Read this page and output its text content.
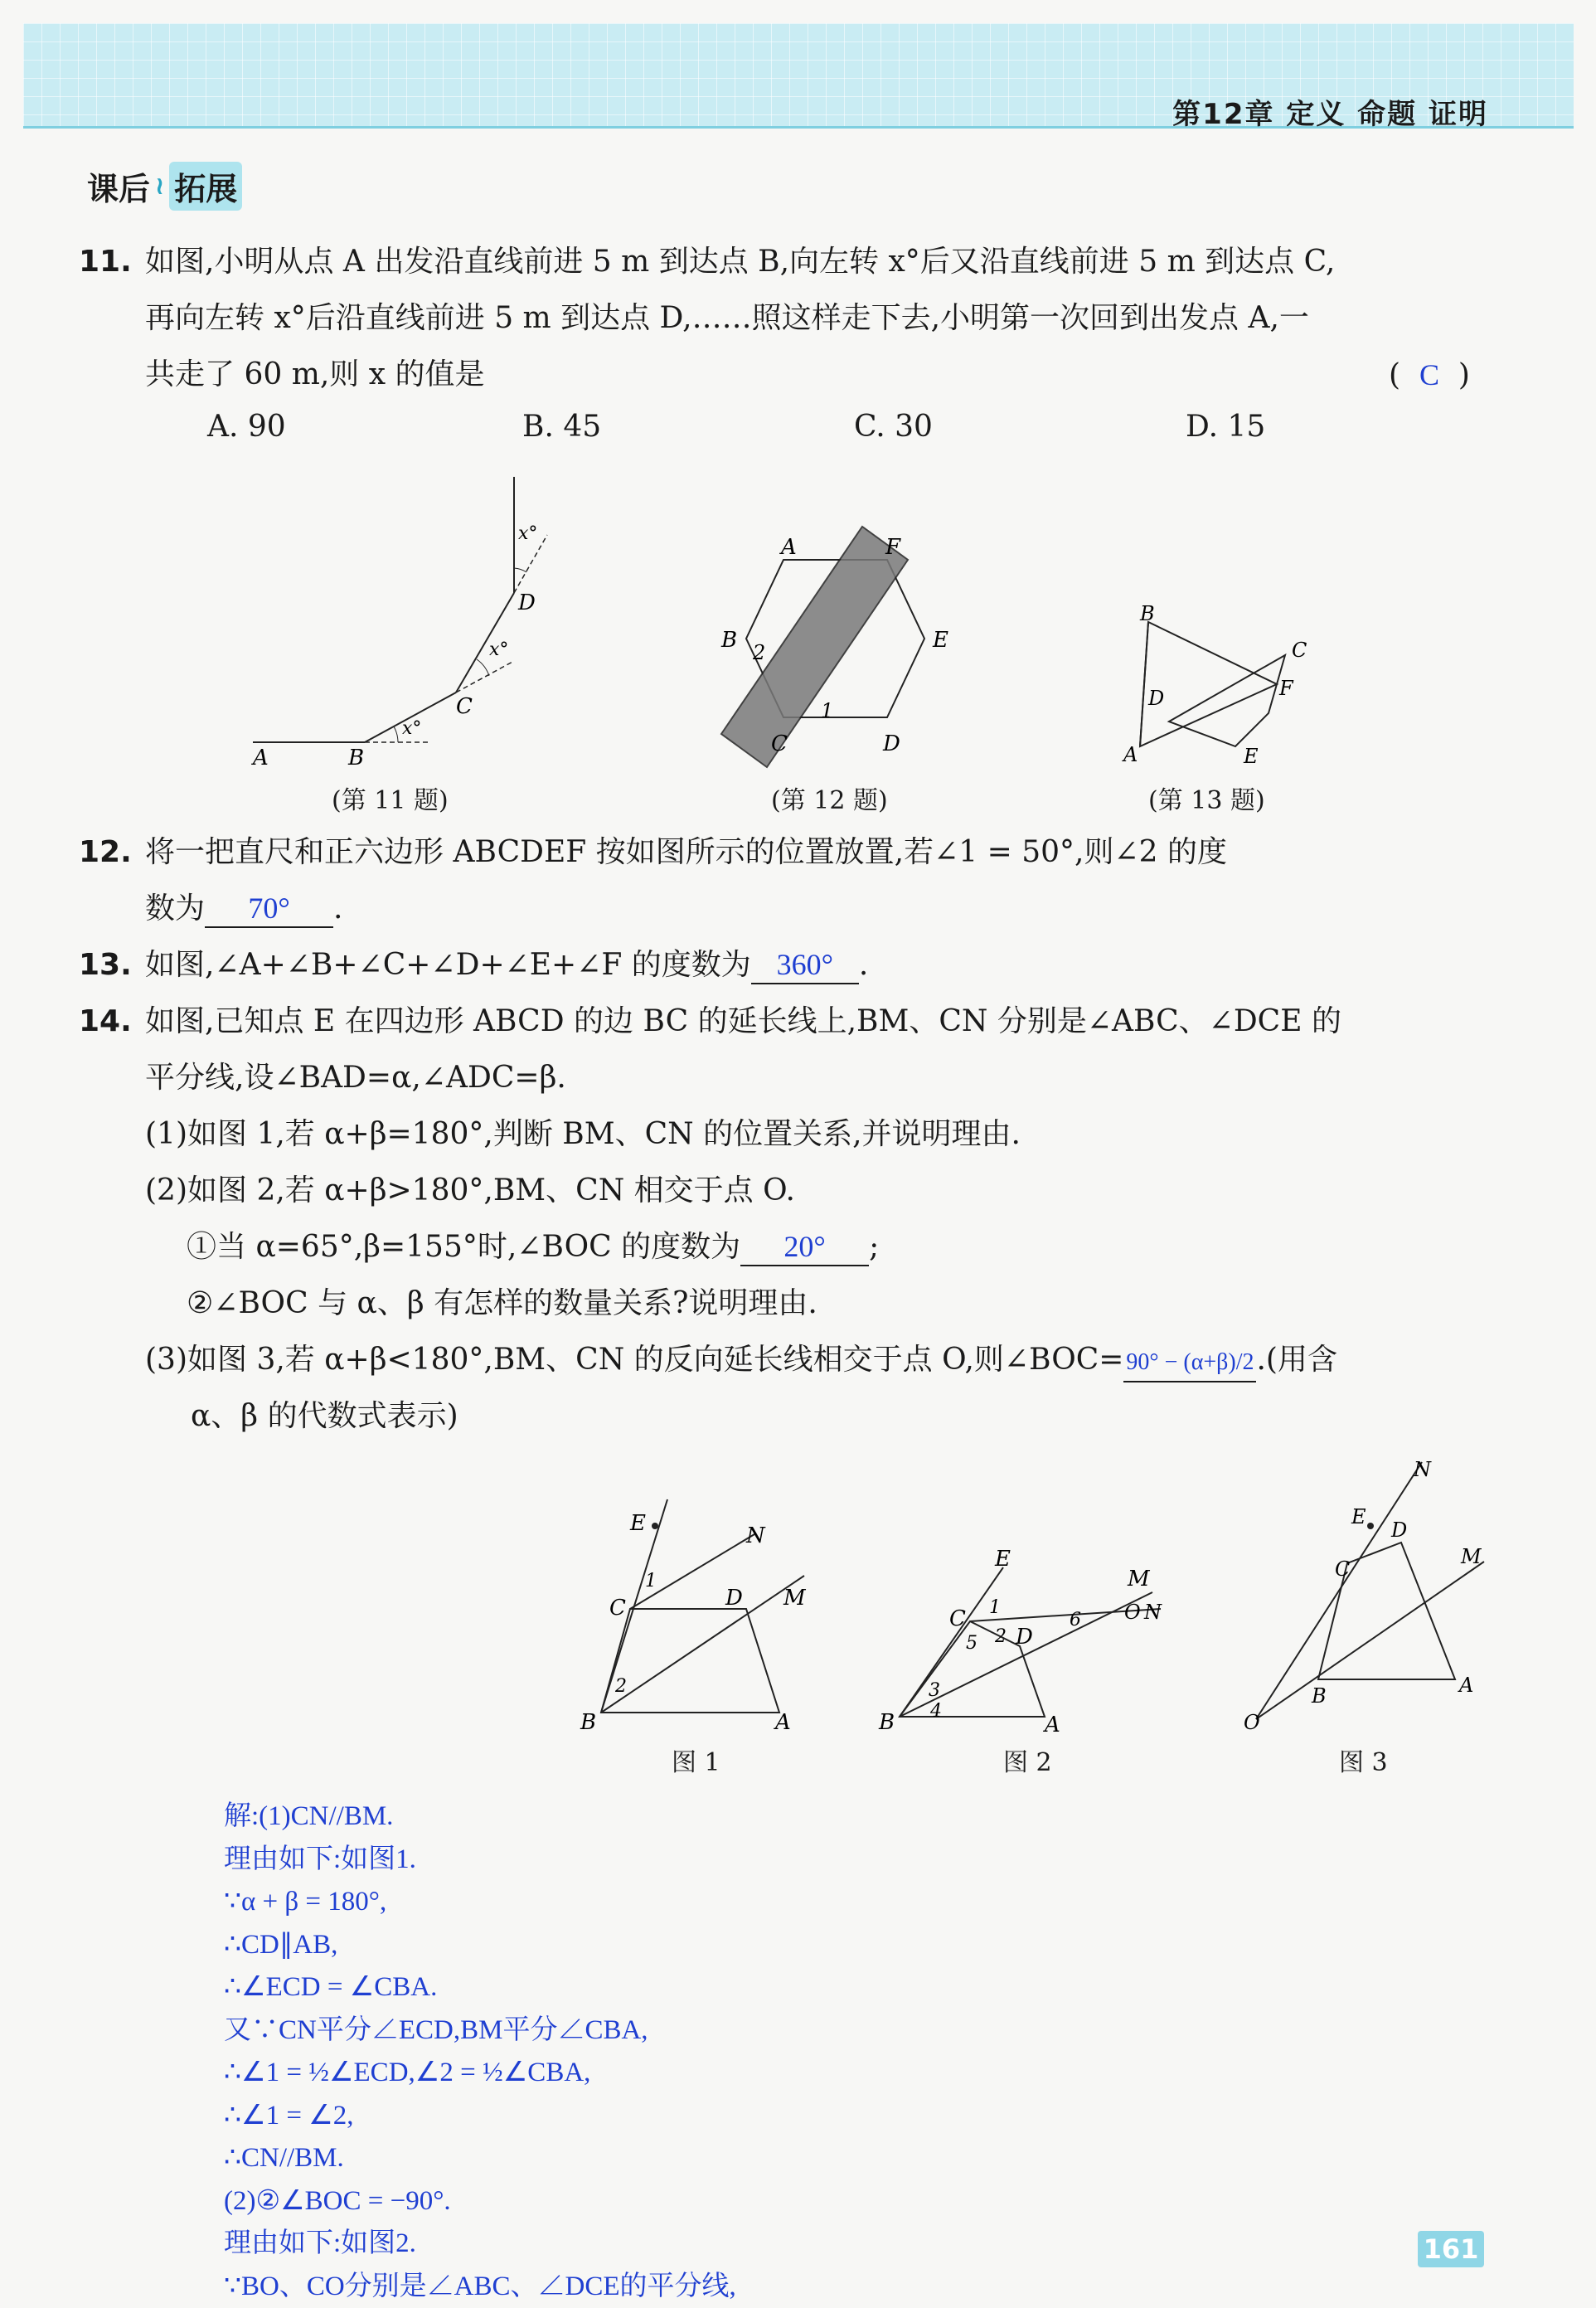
第12章 定义 命题 证明
课后 ≀ 拓展
11. 如图,小明从点 A 出发沿直线前进 5 m 到达点 B,向左转 x°后又沿直线前进 5 m 到达点 C,
再向左转 x°后沿直线前进 5 m 到达点 D,……照这样走下去,小明第一次回到出发点 A,一
共走了 60 m,则 x 的值是	( C )
A. 90	B. 45	C. 30	D. 15
A	B
C
D
x°
x°
x°
(第 11 题)
A	F
B	E
C	D
1
2
(第 12 题)
B
C
D	F
A	E
(第 13 题)
12. 将一把直尺和正六边形 ABCDEF 按如图所示的位置放置,若∠1 = 50°,则∠2 的度
数为 70° .
13. 如图,∠A+∠B+∠C+∠D+∠E+∠F 的度数为 360° .
14. 如图,已知点 E 在四边形 ABCD 的边 BC 的延长线上,BM、CN 分别是∠ABC、∠DCE 的
平分线,设∠BAD=α,∠ADC=β.
(1)如图 1,若 α+β=180°,判断 BM、CN 的位置关系,并说明理由.
(2)如图 2,若 α+β>180°,BM、CN 相交于点 O.
①当 α=65°,β=155°时,∠BOC 的度数为 20° ;
②∠BOC 与 α、β 有怎样的数量关系?说明理由.
(3)如图 3,若 α+β<180°,BM、CN 的反向延长线相交于点 O,则∠BOC= 90° − (α+β)/2.(用含
α、β 的代数式表示)
E	N
C	D M
B	A
1
2
图 1
E
M
C	O N
D
B	A
1
2
3
4
5
6
图 2
N
E
D
M
C
B	A
O
图 3
解:(1)CN//BM.
理由如下:如图1.
∵α + β = 180°,
∴CD∥AB,
∴∠ECD = ∠CBA.
又∵CN平分∠ECD,BM平分∠CBA,
∴∠1 = ½∠ECD,∠2 = ½∠CBA,
∴∠1 = ∠2,
∴CN//BM.
(2)②∠BOC = −90°.
理由如下:如图2.
∵BO、CO分别是∠ABC、∠DCE的平分线,
161
